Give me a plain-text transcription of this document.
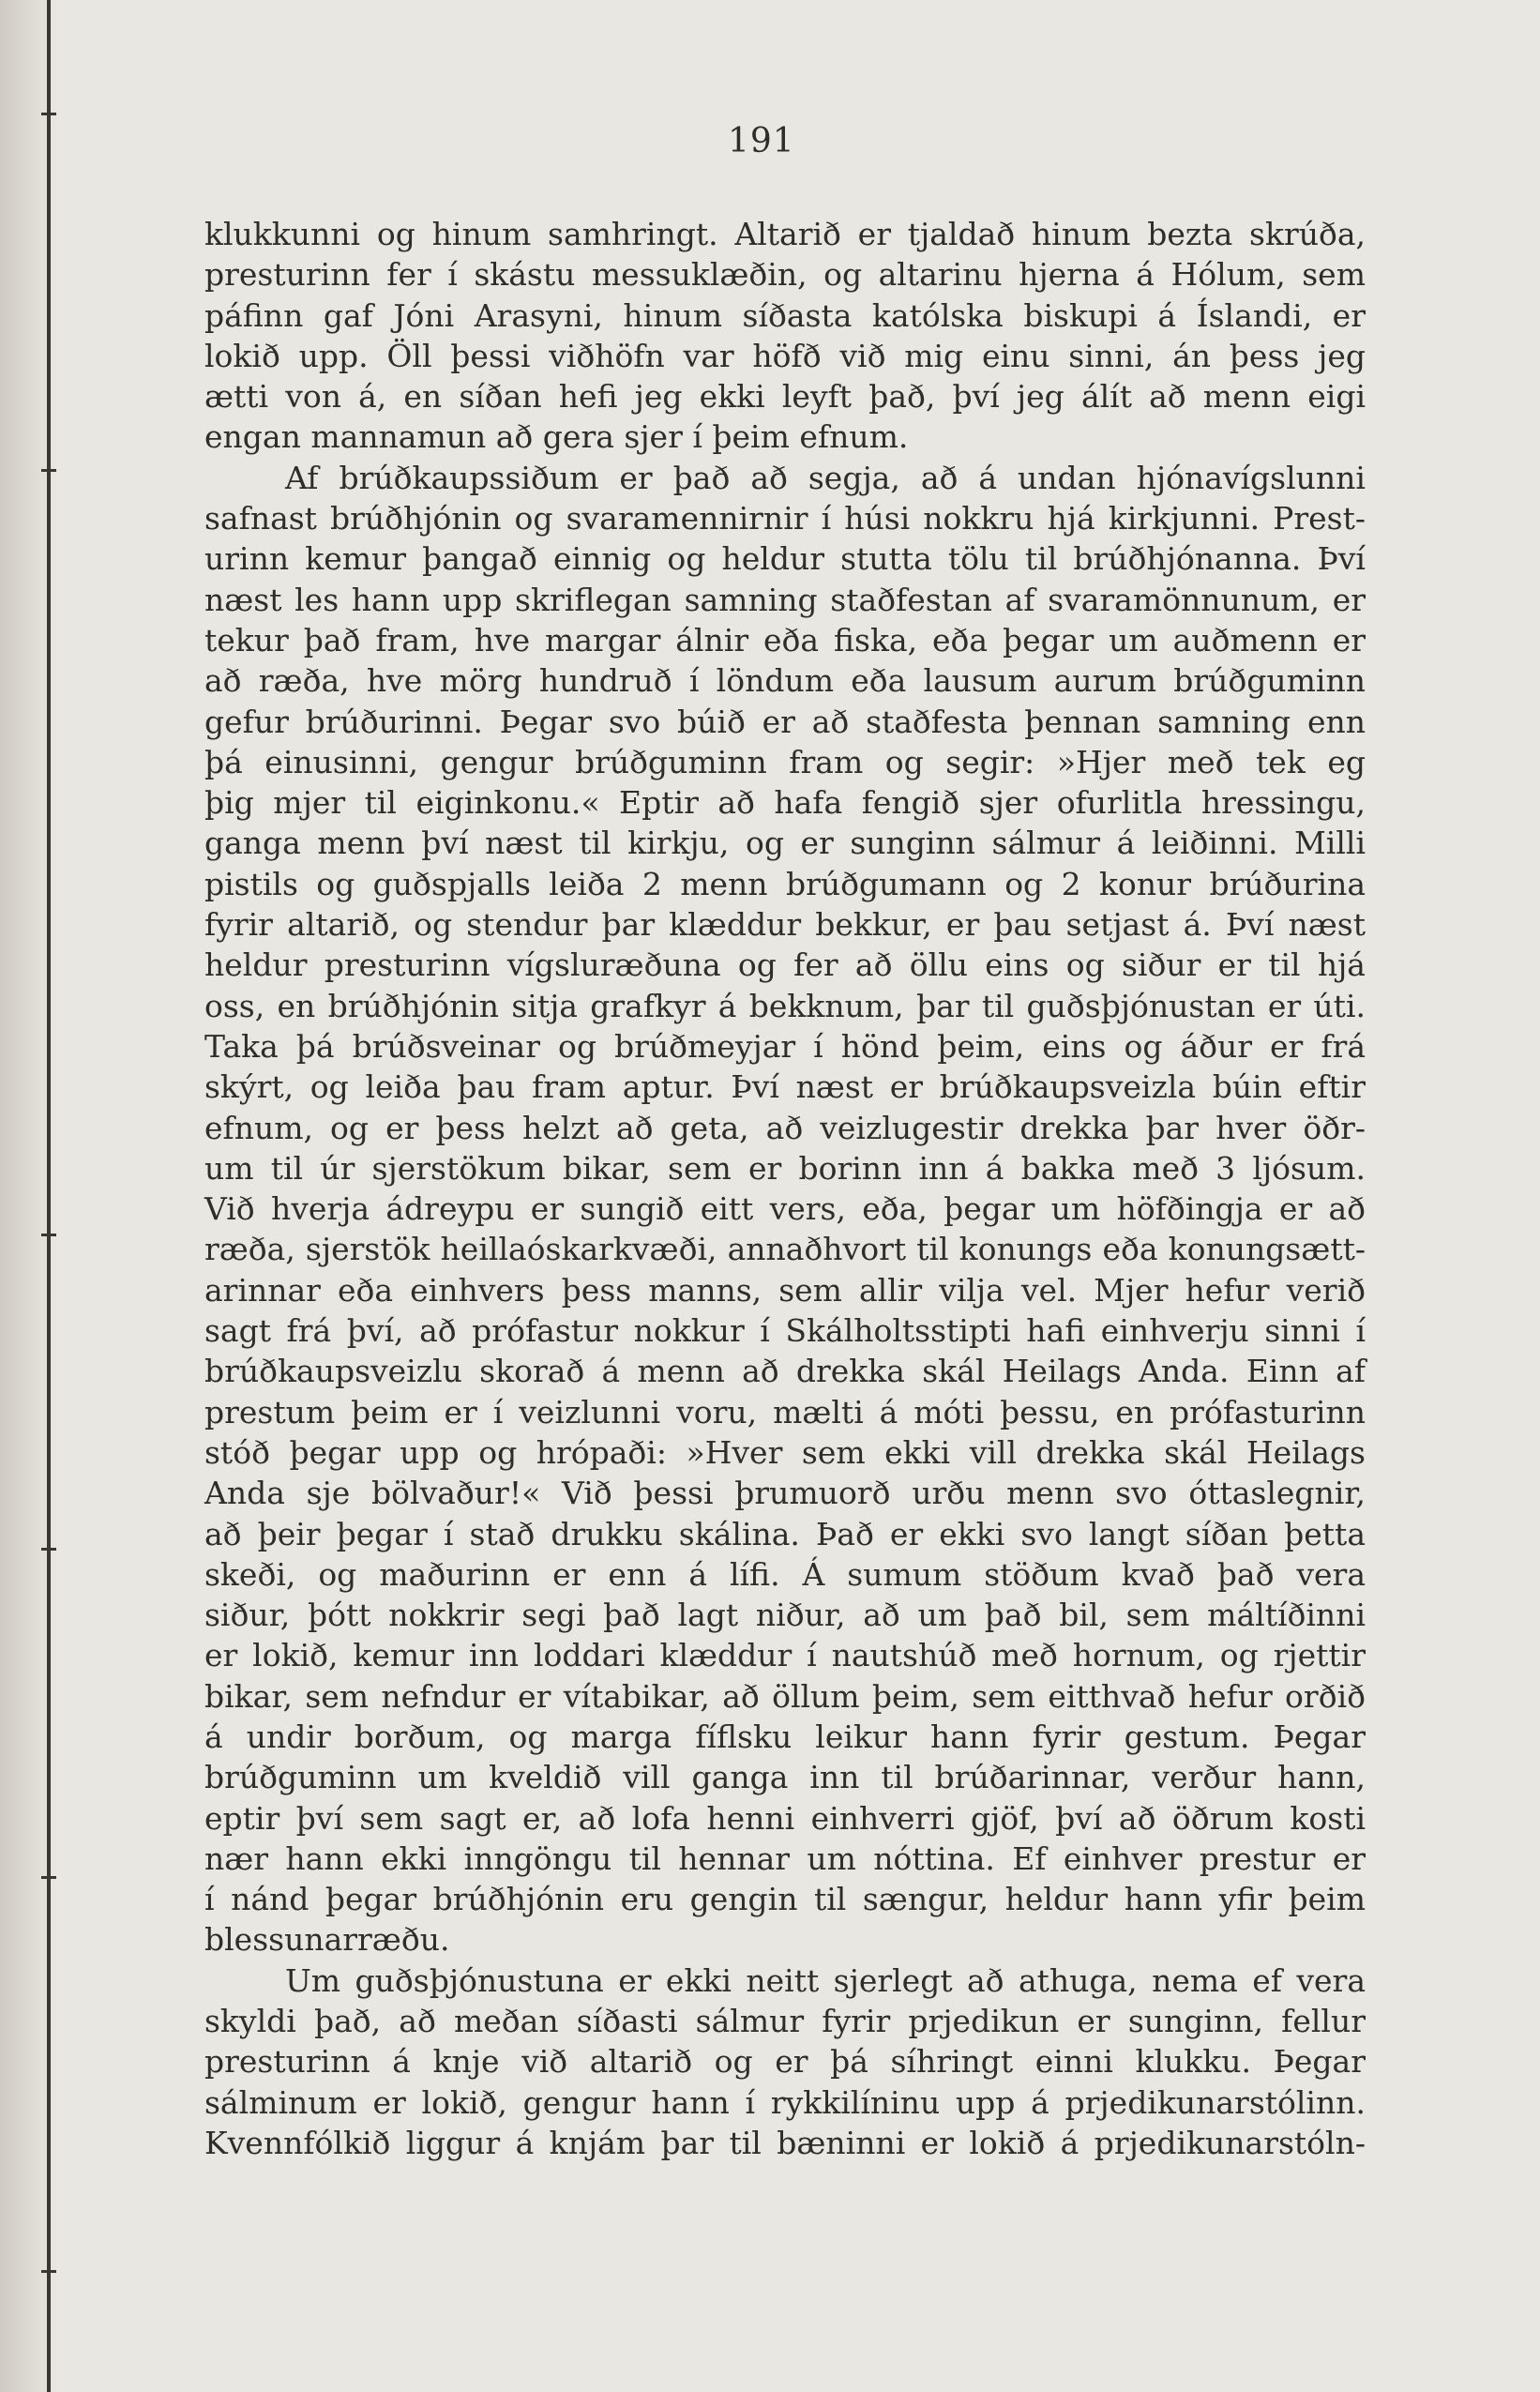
191
klukkunni og hinum samhringt. Altarið er tjaldað hinum bezta skrúða,
presturinn fer í skástu messuklæðin, og altarinu hjerna á Hólum, sem
páfinn gaf Jóni Arasyni, hinum síðasta katólska biskupi á Íslandi, er
lokið upp. Öll þessi viðhöfn var höfð við mig einu sinni, án þess jeg
ætti von á, en síðan hefi jeg ekki leyft það, því jeg álít að menn eigi
engan mannamun að gera sjer í þeim efnum.
Af brúðkaupssiðum er það að segja, að á undan hjónavígslunni
safnast brúðhjónin og svaramennirnir í húsi nokkru hjá kirkjunni. Prest-
urinn kemur þangað einnig og heldur stutta tölu til brúðhjónanna. Því
næst les hann upp skriflegan samning staðfestan af svaramönnunum, er
tekur það fram, hve margar álnir eða fiska, eða þegar um auðmenn er
að ræða, hve mörg hundruð í löndum eða lausum aurum brúðguminn
gefur brúðurinni. Þegar svo búið er að staðfesta þennan samning enn
þá einusinni, gengur brúðguminn fram og segir: »Hjer með tek eg
þig mjer til eiginkonu.« Eptir að hafa fengið sjer ofurlitla hressingu,
ganga menn því næst til kirkju, og er sunginn sálmur á leiðinni. Milli
pistils og guðspjalls leiða 2 menn brúðgumann og 2 konur brúðurina
fyrir altarið, og stendur þar klæddur bekkur, er þau setjast á. Því næst
heldur presturinn vígsluræðuna og fer að öllu eins og siður er til hjá
oss, en brúðhjónin sitja grafkyr á bekknum, þar til guðsþjónustan er úti.
Taka þá brúðsveinar og brúðmeyjar í hönd þeim, eins og áður er frá
skýrt, og leiða þau fram aptur. Því næst er brúðkaupsveizla búin eftir
efnum, og er þess helzt að geta, að veizlugestir drekka þar hver öðr-
um til úr sjerstökum bikar, sem er borinn inn á bakka með 3 ljósum.
Við hverja ádreypu er sungið eitt vers, eða, þegar um höfðingja er að
ræða, sjerstök heillaóskarkvæði, annaðhvort til konungs eða konungsætt-
arinnar eða einhvers þess manns, sem allir vilja vel. Mjer hefur verið
sagt frá því, að prófastur nokkur í Skálholtsstipti hafi einhverju sinni í
brúðkaupsveizlu skorað á menn að drekka skál Heilags Anda. Einn af
prestum þeim er í veizlunni voru, mælti á móti þessu, en prófasturinn
stóð þegar upp og hrópaði: »Hver sem ekki vill drekka skál Heilags
Anda sje bölvaður!« Við þessi þrumuorð urðu menn svo óttaslegnir,
að þeir þegar í stað drukku skálina. Það er ekki svo langt síðan þetta
skeði, og maðurinn er enn á lífi. Á sumum stöðum kvað það vera
siður, þótt nokkrir segi það lagt niður, að um það bil, sem máltíðinni
er lokið, kemur inn loddari klæddur í nautshúð með hornum, og rjettir
bikar, sem nefndur er vítabikar, að öllum þeim, sem eitthvað hefur orðið
á undir borðum, og marga fíflsku leikur hann fyrir gestum. Þegar
brúðguminn um kveldið vill ganga inn til brúðarinnar, verður hann,
eptir því sem sagt er, að lofa henni einhverri gjöf, því að öðrum kosti
nær hann ekki inngöngu til hennar um nóttina. Ef einhver prestur er
í nánd þegar brúðhjónin eru gengin til sængur, heldur hann yfir þeim
blessunarræðu.
Um guðsþjónustuna er ekki neitt sjerlegt að athuga, nema ef vera
skyldi það, að meðan síðasti sálmur fyrir prjedikun er sunginn, fellur
presturinn á knje við altarið og er þá síhringt einni klukku. Þegar
sálminum er lokið, gengur hann í rykkilíninu upp á prjedikunarstólinn.
Kvennfólkið liggur á knjám þar til bæninni er lokið á prjedikunarstóln-
